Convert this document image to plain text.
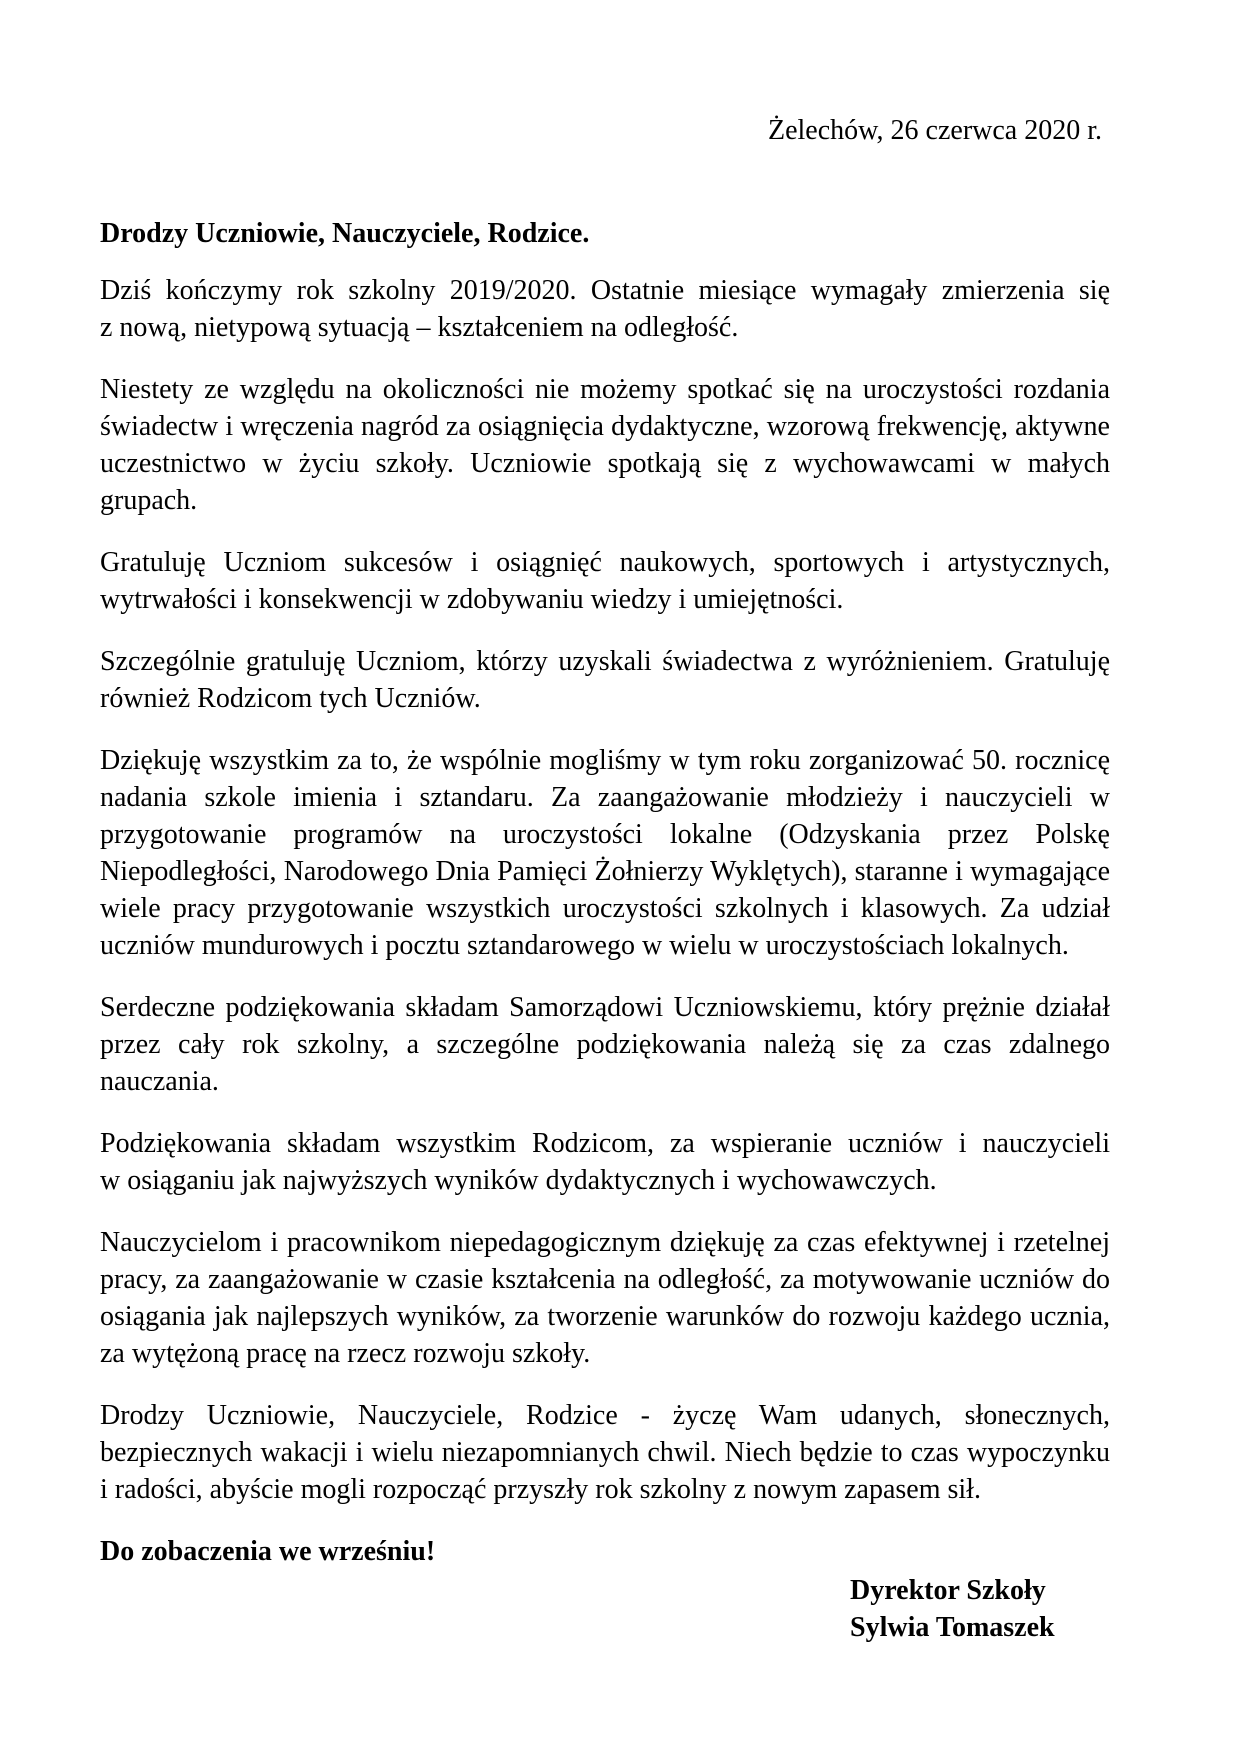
Żelechów, 26 czerwca 2020 r.
Drodzy Uczniowie, Nauczyciele, Rodzice.

Dziś kończymy rok szkolny 2019/2020. Ostatnie miesiące wymagały zmierzenia się z nową, nietypową sytuacją – kształceniem na odległość.

Niestety ze względu na okoliczności nie możemy spotkać się na uroczystości rozdania świadectw i wręczenia nagród za osiągnięcia dydaktyczne, wzorową frekwencję, aktywne uczestnictwo w życiu szkoły. Uczniowie spotkają się z wychowawcami w małych grupach.

Gratuluję Uczniom sukcesów i osiągnięć naukowych, sportowych i artystycznych, wytrwałości i konsekwencji w zdobywaniu wiedzy i umiejętności.

Szczególnie gratuluję Uczniom, którzy uzyskali świadectwa z wyróżnieniem. Gratuluję również Rodzicom tych Uczniów.

Dziękuję wszystkim za to, że wspólnie mogliśmy w tym roku zorganizować 50. rocznicę nadania szkole imienia i sztandaru. Za zaangażowanie młodzieży i nauczycieli w przygotowanie programów na uroczystości lokalne (Odzyskania przez Polskę Niepodległości, Narodowego Dnia Pamięci Żołnierzy Wyklętych), staranne i wymagające wiele pracy przygotowanie wszystkich uroczystości szkolnych i klasowych. Za udział uczniów mundurowych i pocztu sztandarowego w wielu w uroczystościach lokalnych.

Serdeczne podziękowania składam Samorządowi Uczniowskiemu, który prężnie działał przez cały rok szkolny, a szczególne podziękowania należą się za czas zdalnego nauczania.

Podziękowania składam wszystkim Rodzicom, za wspieranie uczniów i nauczycieli w osiąganiu jak najwyższych wyników dydaktycznych i wychowawczych.

Nauczycielom i pracownikom niepedagogicznym dziękuję za czas efektywnej i rzetelnej pracy, za zaangażowanie w czasie kształcenia na odległość, za motywowanie uczniów do osiągania jak najlepszych wyników, za tworzenie warunków do rozwoju każdego ucznia, za wytężoną pracę na rzecz rozwoju szkoły.

Drodzy Uczniowie, Nauczyciele, Rodzice - życzę Wam udanych, słonecznych, bezpiecznych wakacji i wielu niezapomnianych chwil. Niech będzie to czas wypoczynku i radości, abyście mogli rozpocząć przyszły rok szkolny z nowym zapasem sił.

Do zobaczenia we wrześniu!
Dyrektor Szkoły
Sylwia Tomaszek
